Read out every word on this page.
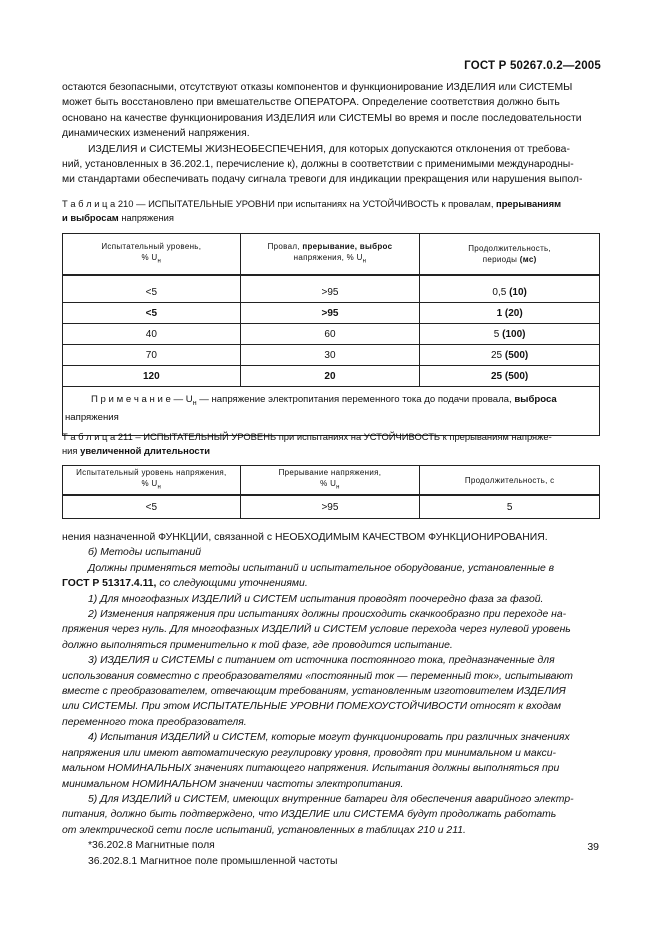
ГОСТ Р 50267.0.2—2005
остаются безопасными, отсутствуют отказы компонентов и функционирование ИЗДЕЛИЯ или СИСТЕМЫ
может быть восстановлено при вмешательстве ОПЕРАТОРА. Определение соответствия должно быть
основано на качестве функционирования ИЗДЕЛИЯ или СИСТЕМЫ во время и после последовательности
динамических изменений напряжения.
ИЗДЕЛИЯ и СИСТЕМЫ ЖИЗНЕОБЕСПЕЧЕНИЯ, для которых допускаются отклонения от требова-
ний, установленных в 36.202.1, перечисление к), должны в соответствии с применимыми международны-
ми стандартами обеспечивать подачу сигнала тревоги для индикации прекращения или нарушения выпол-
Т а б л и ц а 210 — ИСПЫТАТЕЛЬНЫЕ УРОВНИ при испытаниях на УСТОЙЧИВОСТЬ к провалам, прерываниям
и выбросам напряжения
Испытательный уровень,
% $U_н$	Провал, прерывание, выброс
напряжения, % $U_н$	Продолжительность,
периоды (мс)
<5	>95	0,5 (10)
<5	>95	1 (20)
40	60	5 (100)
70	30	25 (500)
120	20	25 (500)
П р и м е ч а н и е — $U_н$ — напряжение электропитания переменного тока до подачи провала, выброса
напряжения		
Т а б л и ц а 211 – ИСПЫТАТЕЛЬНЫЙ УРОВЕНЬ при испытаниях на УСТОЙЧИВОСТЬ к прерываниям напряже-
ния увеличенной длительности
Испытательный уровень напряжения,
% $U_н$	Прерывание напряжения,
% $U_н$	Продолжительность, с
<5	>95	5
нения назначенной ФУНКЦИИ, связанной с НЕОБХОДИМЫМ КАЧЕСТВОМ ФУНКЦИОНИРОВАНИЯ.
б) Методы испытаний
Должны применяться методы испытаний и испытательное оборудование, установленные в
ГОСТ Р 51317.4.11, со следующими уточнениями.
1) Для многофазных ИЗДЕЛИЙ и СИСТЕМ испытания проводят поочередно фаза за фазой.
2) Изменения напряжения при испытаниях должны происходить скачкообразно при переходе на-
пряжения через нуль. Для многофазных ИЗДЕЛИЙ и СИСТЕМ условие перехода через нулевой уровень
должно выполняться применительно к той фазе, где проводится испытание.
3) ИЗДЕЛИЯ и СИСТЕМЫ с питанием от источника постоянного тока, предназначенные для
использования совместно с преобразователями «постоянный ток — переменный ток», испытывают
вместе с преобразователем, отвечающим требованиям, установленным изготовителем ИЗДЕЛИЯ
или СИСТЕМЫ. При этом ИСПЫТАТЕЛЬНЫЕ УРОВНИ ПОМЕХОУСТОЙЧИВОСТИ относят к входам
переменного тока преобразователя.
4) Испытания ИЗДЕЛИЙ и СИСТЕМ, которые могут функционировать при различных значениях
напряжения или имеют автоматическую регулировку уровня, проводят при минимальном и макси-
мальном НОМИНАЛЬНЫХ значениях питающего напряжения. Испытания должны выполняться при
минимальном НОМИНАЛЬНОМ значении частоты электропитания.
5) Для ИЗДЕЛИЙ и СИСТЕМ, имеющих внутренние батареи для обеспечения аварийного электр-
питания, должно быть подтверждено, что ИЗДЕЛИЕ или СИСТЕМА будут продолжать работать
от электрической сети после испытаний, установленных в таблицах 210 и 211.
*36.202.8 Магнитные поля
36.202.8.1 Магнитное поле промышленной частоты
39
